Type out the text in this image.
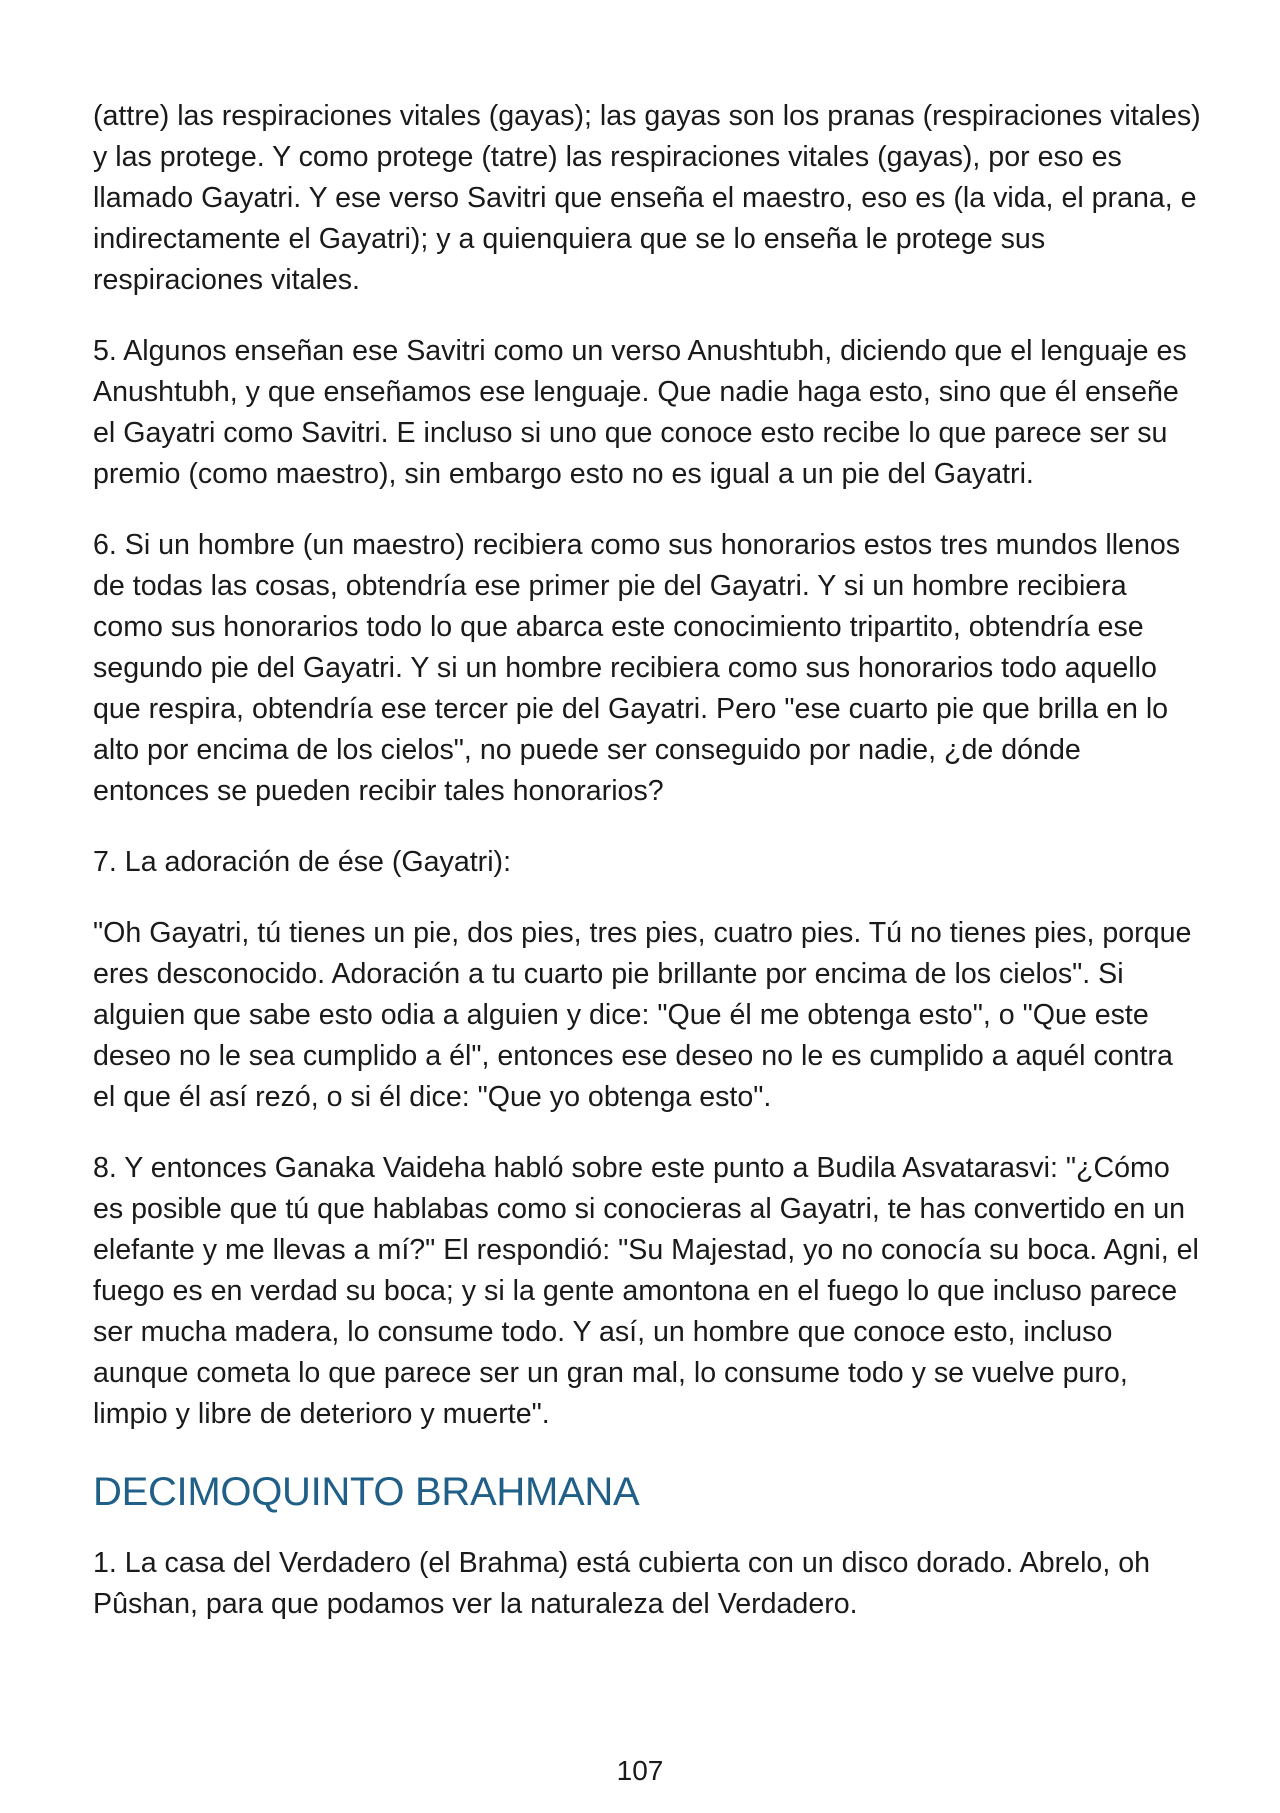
(attre) las respiraciones vitales (gayas); las gayas son los pranas (respiraciones vitales) y las protege. Y como protege (tatre) las respiraciones vitales (gayas), por eso es llamado Gayatri. Y ese verso Savitri que enseña el maestro, eso es (la vida, el prana, e indirectamente el Gayatri); y a quienquiera que se lo enseña le protege sus respiraciones vitales.

5. Algunos enseñan ese Savitri como un verso Anushtubh, diciendo que el lenguaje es Anushtubh, y que enseñamos ese lenguaje. Que nadie haga esto, sino que él enseñe el Gayatri como Savitri. E incluso si uno que conoce esto recibe lo que parece ser su premio (como maestro), sin embargo esto no es igual a un pie del Gayatri.

6. Si un hombre (un maestro) recibiera como sus honorarios estos tres mundos llenos de todas las cosas, obtendría ese primer pie del Gayatri. Y si un hombre recibiera como sus honorarios todo lo que abarca este conocimiento tripartito, obtendría ese segundo pie del Gayatri. Y si un hombre recibiera como sus honorarios todo aquello que respira, obtendría ese tercer pie del Gayatri. Pero "ese cuarto pie que brilla en lo alto por encima de los cielos", no puede ser conseguido por nadie, ¿de dónde entonces se pueden recibir tales honorarios?

7. La adoración de ése (Gayatri):

"Oh Gayatri, tú tienes un pie, dos pies, tres pies, cuatro pies. Tú no tienes pies, porque eres desconocido. Adoración a tu cuarto pie brillante por encima de los cielos". Si alguien que sabe esto odia a alguien y dice: "Que él me obtenga esto", o "Que este deseo no le sea cumplido a él", entonces ese deseo no le es cumplido a aquél contra el que él así rezó, o si él dice: "Que yo obtenga esto".

8. Y entonces Ganaka Vaideha habló sobre este punto a Budila Asvatarasvi: "¿Cómo es posible que tú que hablabas como si conocieras al Gayatri, te has convertido en un elefante y me llevas a mí?" El respondió: "Su Majestad, yo no conocía su boca. Agni, el fuego es en verdad su boca; y si la gente amontona en el fuego lo que incluso parece ser mucha madera, lo consume todo. Y así, un hombre que conoce esto, incluso aunque cometa lo que parece ser un gran mal, lo consume todo y se vuelve puro, limpio y libre de deterioro y muerte".

DECIMOQUINTO BRAHMANA

1. La casa del Verdadero (el Brahma) está cubierta con un disco dorado. Abrelo, oh Pûshan, para que podamos ver la naturaleza del Verdadero.

107
